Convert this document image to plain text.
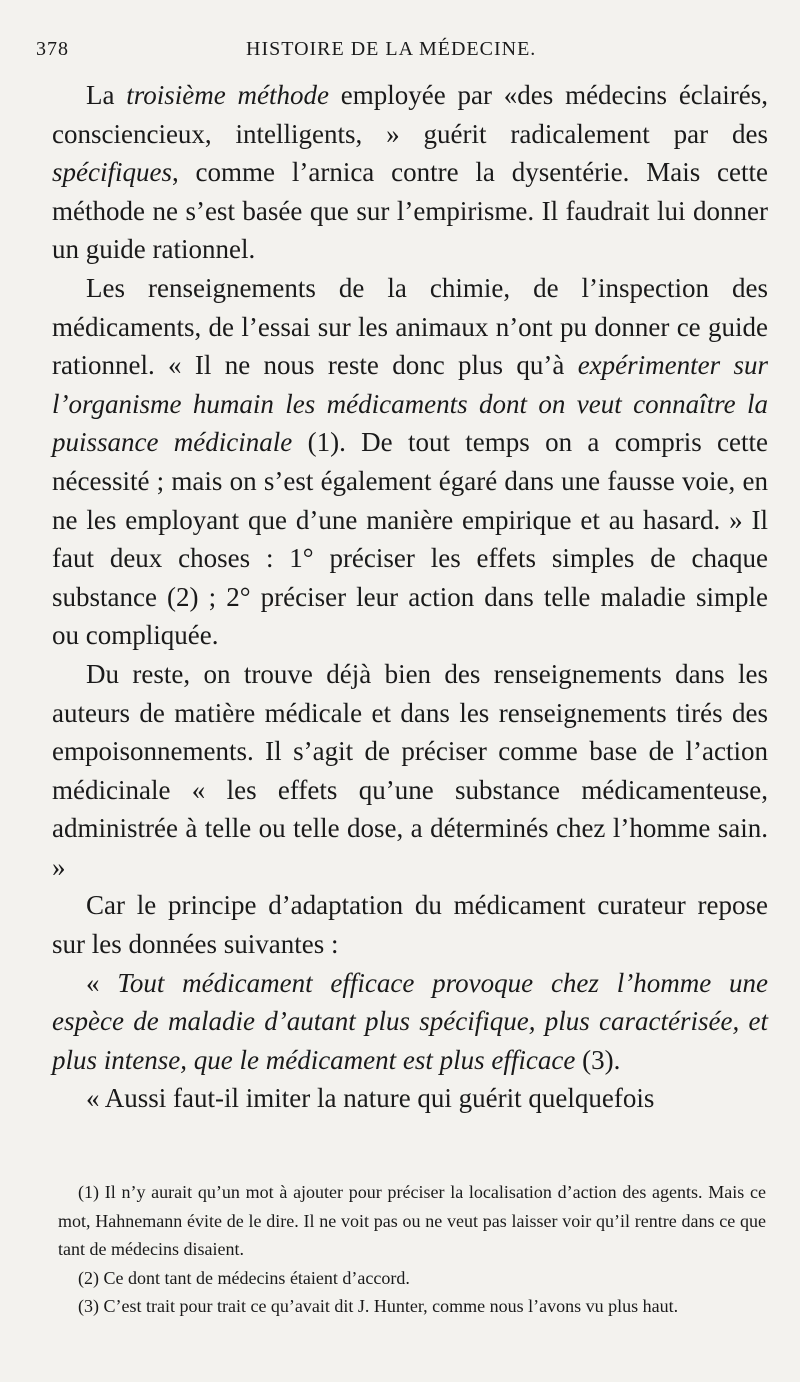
378	HISTOIRE DE LA MÉDECINE.

La troisième méthode employée par «des médecins éclairés, consciencieux, intelligents, » guérit radicalement par des spécifiques, comme l’arnica contre la dysentérie. Mais cette méthode ne s’est basée que sur l’empirisme. Il faudrait lui donner un guide rationnel.

Les renseignements de la chimie, de l’inspection des médicaments, de l’essai sur les animaux n’ont pu donner ce guide rationnel. « Il ne nous reste donc plus qu’à expérimenter sur l’organisme humain les médicaments dont on veut connaître la puissance médicinale (1). De tout temps on a compris cette nécessité ; mais on s’est également égaré dans une fausse voie, en ne les employant que d’une manière empirique et au hasard. » Il faut deux choses : 1° préciser les effets simples de chaque substance (2) ; 2° préciser leur action dans telle maladie simple ou compliquée.

Du reste, on trouve déjà bien des renseignements dans les auteurs de matière médicale et dans les renseignements tirés des empoisonnements. Il s’agit de préciser comme base de l’action médicinale « les effets qu’une substance médicamenteuse, administrée à telle ou telle dose, a déterminés chez l’homme sain. »

Car le principe d’adaptation du médicament curateur repose sur les données suivantes :

« Tout médicament efficace provoque chez l’homme une espèce de maladie d’autant plus spécifique, plus caractérisée, et plus intense, que le médicament est plus efficace (3).

« Aussi faut-il imiter la nature qui guérit quelquefois

(1) Il n’y aurait qu’un mot à ajouter pour préciser la localisation d’action des agents. Mais ce mot, Hahnemann évite de le dire. Il ne voit pas ou ne veut pas laisser voir qu’il rentre dans ce que tant de médecins disaient.

(2) Ce dont tant de médecins étaient d’accord.

(3) C’est trait pour trait ce qu’avait dit J. Hunter, comme nous l’avons vu plus haut.
